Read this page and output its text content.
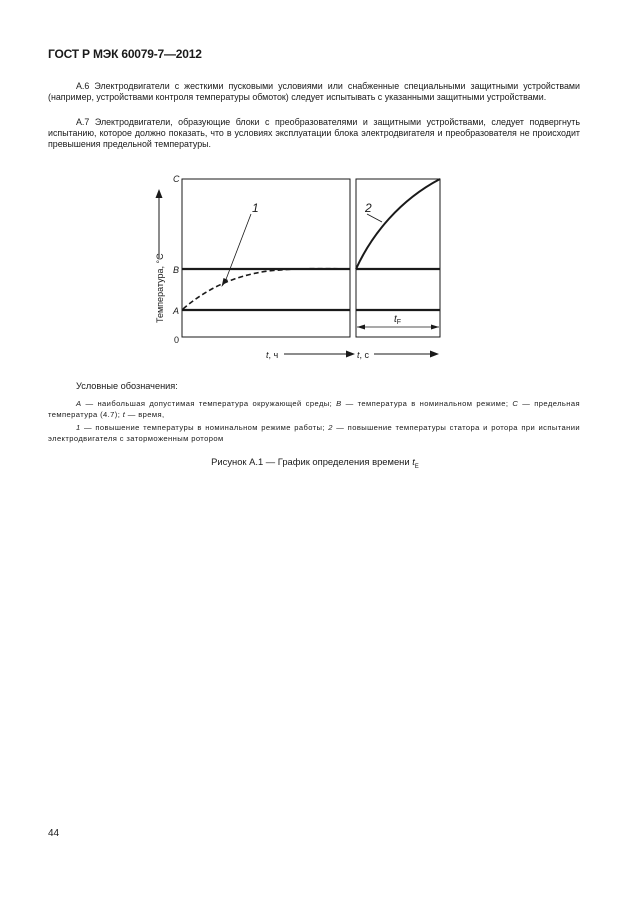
ГОСТ Р МЭК 60079-7—2012

А.6 Электродвигатели с жесткими пусковыми условиями или снабженные специальными защитными устройствами (например, устройствами контроля температуры обмоток) следует испытывать с указанными защитными устройствами.

А.7 Электродвигатели, образующие блоки с преобразователями и защитными устройствами, следует подвергнуть испытанию, которое должно показать, что в условиях эксплуатации блока электродвигателя и преобразователя не происходит превышения предельной температуры.

Температура, °C
C
B
A
0
1	2
$t_F$
t, ч	t, с
Условные обозначения:

A — наибольшая допустимая температура окружающей среды; B — температура в номинальном режиме; C — предельная температура (4.7); t — время,

1 — повышение температуры в номинальном режиме работы; 2 — повышение температуры статора и ротора при испытании электродвигателя с заторможенным ротором

Рисунок А.1 — График определения времени $t_E$
44
